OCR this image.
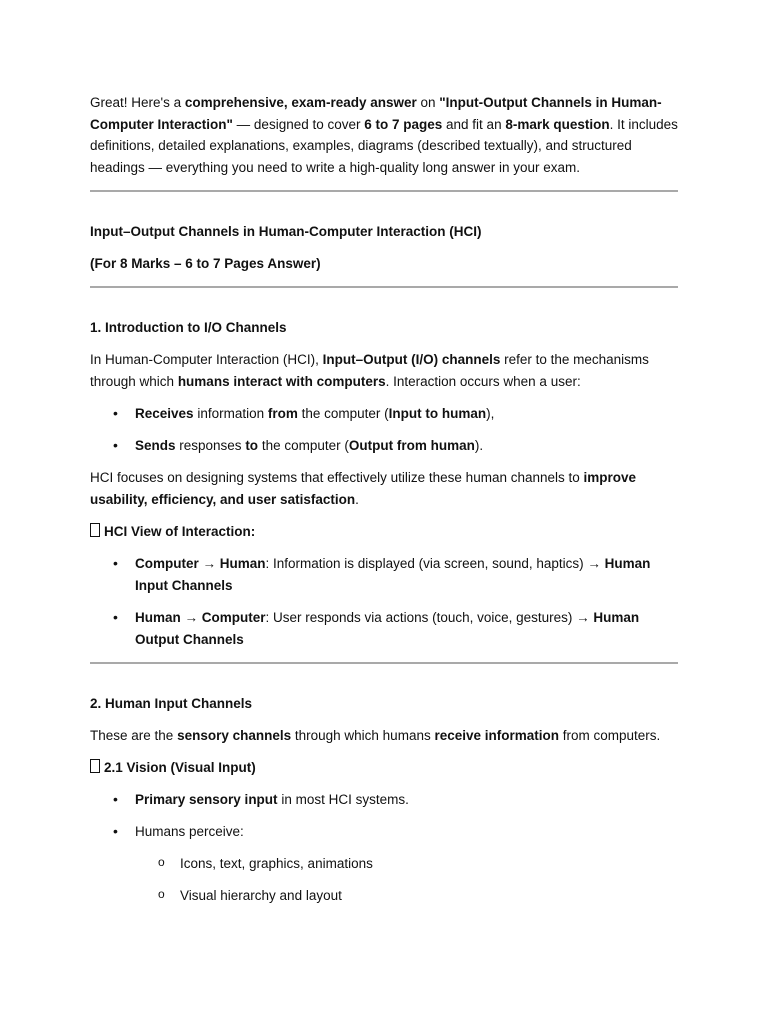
Great! Here's a comprehensive, exam-ready answer on "Input-Output Channels in Human-Computer Interaction" — designed to cover 6 to 7 pages and fit an 8-mark question. It includes definitions, detailed explanations, examples, diagrams (described textually), and structured headings — everything you need to write a high-quality long answer in your exam.

Input–Output Channels in Human-Computer Interaction (HCI)

(For 8 Marks – 6 to 7 Pages Answer)

1. Introduction to I/O Channels

In Human-Computer Interaction (HCI), Input–Output (I/O) channels refer to the mechanisms through which humans interact with computers. Interaction occurs when a user:

• Receives information from the computer (Input to human),
• Sends responses to the computer (Output from human).

HCI focuses on designing systems that effectively utilize these human channels to improve usability, efficiency, and user satisfaction.

HCI View of Interaction:

• Computer → Human: Information is displayed (via screen, sound, haptics) → Human Input Channels
• Human → Computer: User responds via actions (touch, voice, gestures) → Human Output Channels

2. Human Input Channels

These are the sensory channels through which humans receive information from computers.

2.1 Vision (Visual Input)

• Primary sensory input in most HCI systems.
• Humans perceive:
o Icons, text, graphics, animations
o Visual hierarchy and layout
